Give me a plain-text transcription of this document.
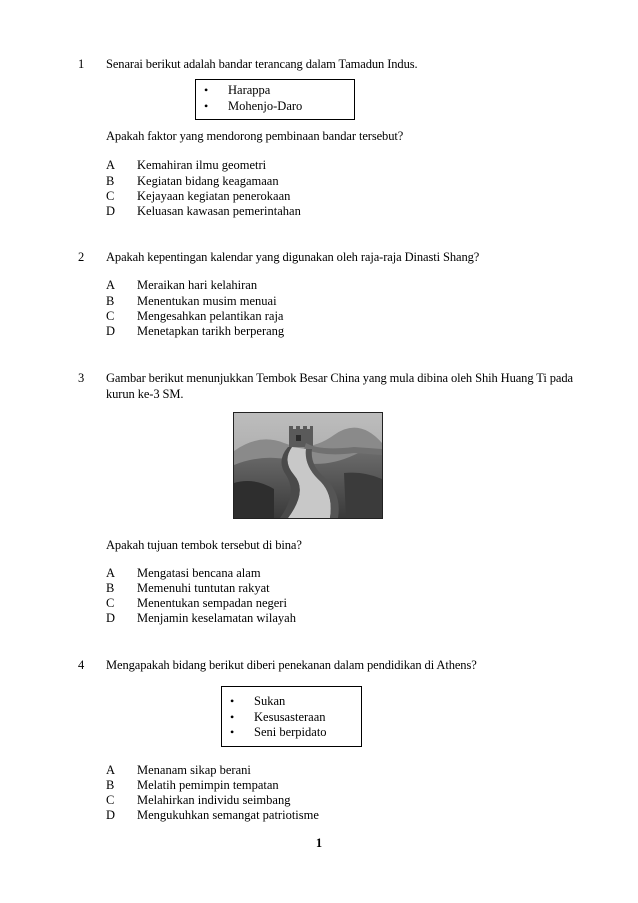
1 Senarai berikut adalah bandar terancang dalam Tamadun Indus.
• Harappa
• Mohenjo-Daro
Apakah faktor yang mendorong pembinaan bandar tersebut?
A Kemahiran ilmu geometri
B Kegiatan bidang keagamaan
C Kejayaan kegiatan penerokaan
D Keluasan kawasan pemerintahan
2 Apakah kepentingan kalendar yang digunakan oleh raja-raja Dinasti Shang?
A Meraikan hari kelahiran
B Menentukan musim menuai
C Mengesahkan pelantikan raja
D Menetapkan tarikh berperang
3 Gambar berikut menunjukkan Tembok Besar China yang mula dibina oleh Shih Huang Ti pada kurun ke-3 SM.
Apakah tujuan tembok tersebut di bina?
A Mengatasi bencana alam
B Memenuhi tuntutan rakyat
C Menentukan sempadan negeri
D Menjamin keselamatan wilayah
4 Mengapakah bidang berikut diberi penekanan dalam pendidikan di Athens?
• Sukan
• Kesusasteraan
• Seni berpidato
A Menanam sikap berani
B Melatih pemimpin tempatan
C Melahirkan individu seimbang
D Mengukuhkan semangat patriotisme
1
